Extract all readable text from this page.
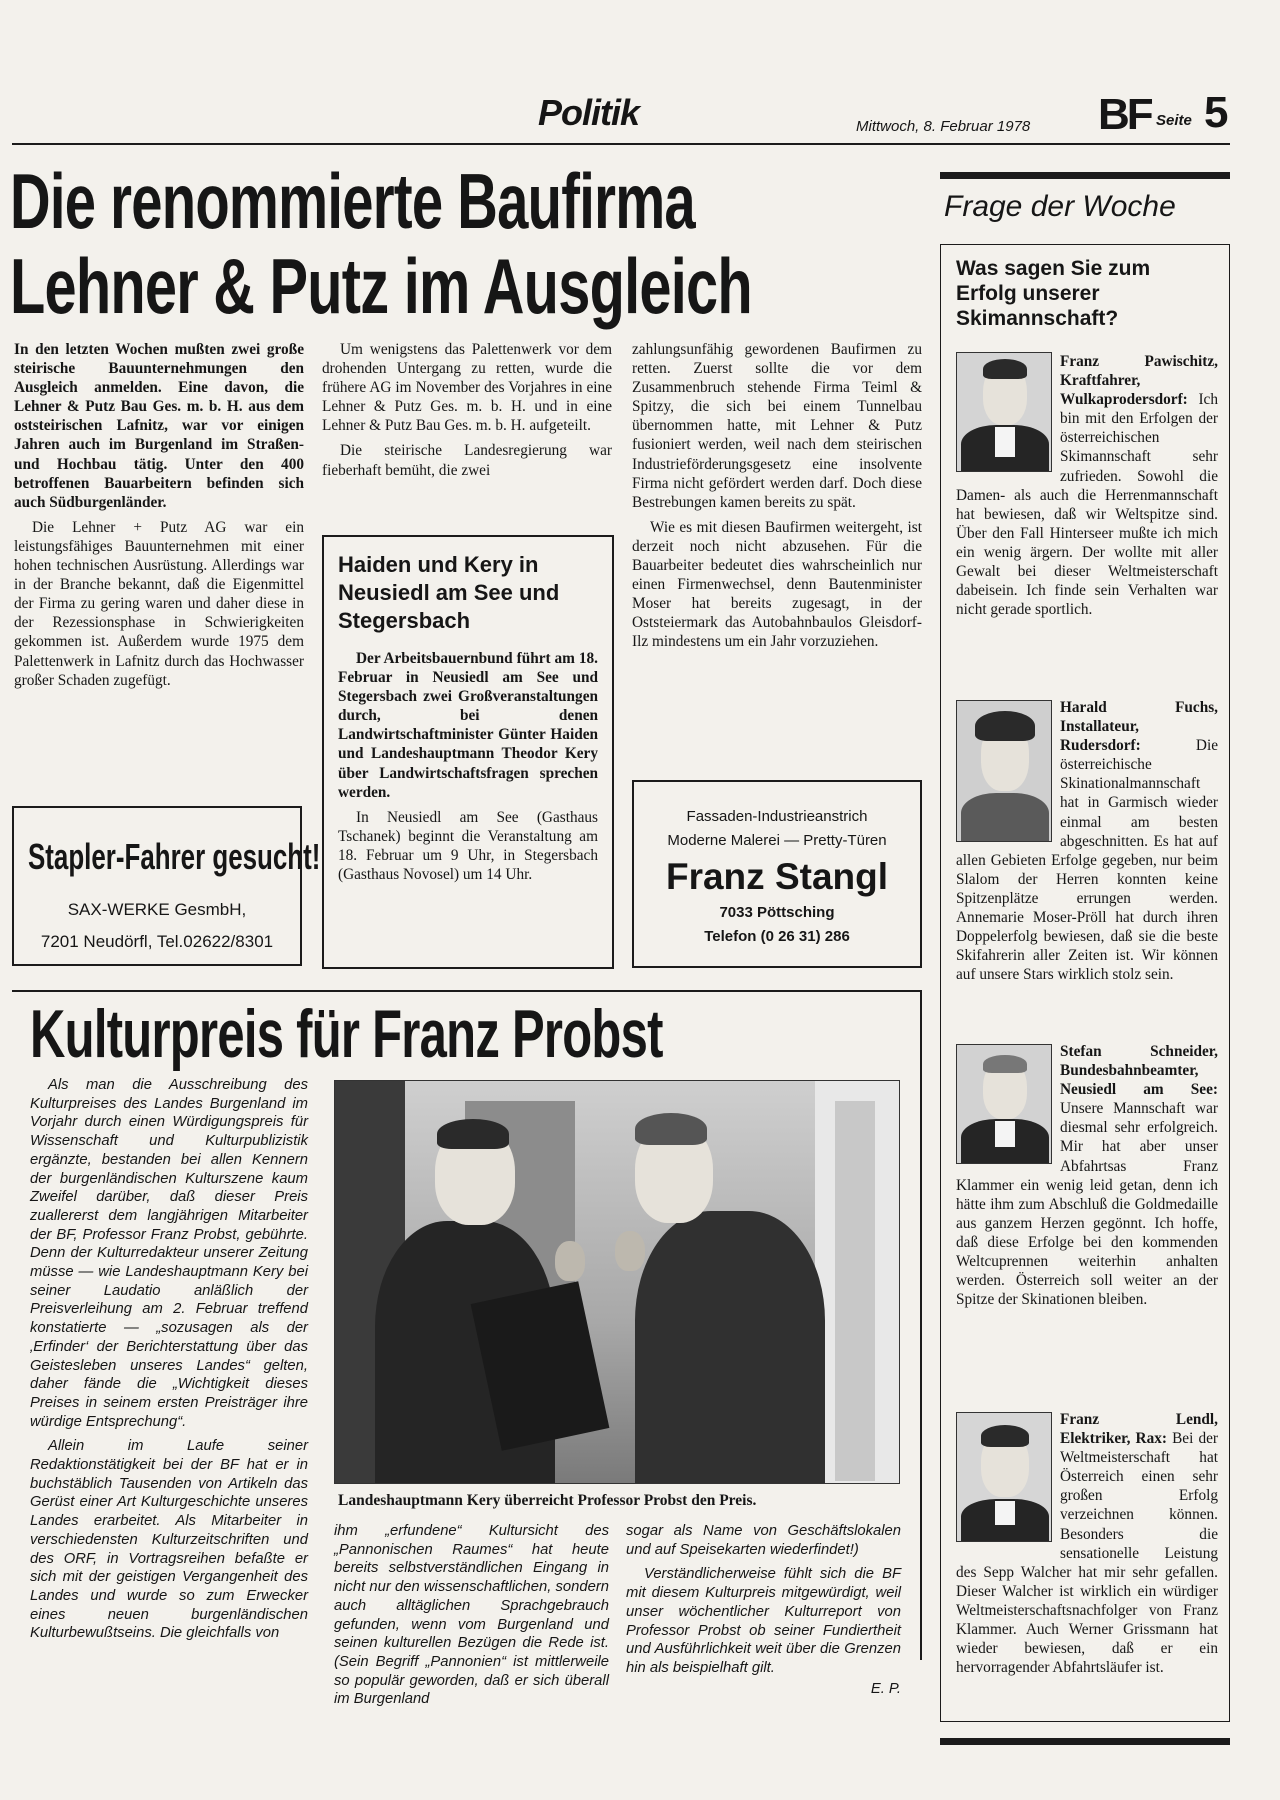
Politik	Mittwoch, 8. Februar 1978 BF Seite 5
Die renommierte Baufirma
Lehner & Putz im Ausgleich

In den letzten Wochen mußten zwei große steirische Bauunternehmungen den Ausgleich anmelden. Eine davon, die Lehner & Putz Bau Ges. m. b. H. aus dem oststeirischen Lafnitz, war vor einigen Jahren auch im Burgenland im Straßen- und Hochbau tätig. Unter den 400 betroffenen Bauarbeitern befinden sich auch Südburgenländer.

Die Lehner + Putz AG war ein leistungsfähiges Bauunternehmen mit einer hohen technischen Ausrüstung. Allerdings war in der Branche bekannt, daß die Eigenmittel der Firma zu gering waren und daher diese in der Rezessionsphase in Schwierigkeiten gekommen ist. Außerdem wurde 1975 dem Palettenwerk in Lafnitz durch das Hochwasser großer Schaden zugefügt.

Um wenigstens das Palettenwerk vor dem drohenden Untergang zu retten, wurde die frühere AG im November des Vorjahres in eine Lehner & Putz Ges. m. b. H. und in eine Lehner & Putz Bau Ges. m. b. H. aufgeteilt.

Die steirische Landesregierung war fieberhaft bemüht, die zwei

zahlungsunfähig gewordenen Baufirmen zu retten. Zuerst sollte die vor dem Zusammenbruch stehende Firma Teiml & Spitzy, die sich bei einem Tunnelbau übernommen hatte, mit Lehner & Putz fusioniert werden, weil nach dem steirischen Industrieförderungsgesetz eine insolvente Firma nicht gefördert werden darf. Doch diese Bestrebungen kamen bereits zu spät.

Wie es mit diesen Baufirmen weitergeht, ist derzeit noch nicht abzusehen. Für die Bauarbeiter bedeutet dies wahrscheinlich nur einen Firmenwechsel, denn Bautenminister Moser hat bereits zugesagt, in der Oststeiermark das Autobahnbaulos Gleisdorf-Ilz mindestens um ein Jahr vorzuziehen.

Haiden und Kery in Neusiedl am See und Stegersbach

Der Arbeitsbauernbund führt am 18. Februar in Neusiedl am See und Stegersbach zwei Großveranstaltungen durch, bei denen Landwirtschaftminister Günter Haiden und Landeshauptmann Theodor Kery über Landwirtschaftsfragen sprechen werden.

In Neusiedl am See (Gasthaus Tschanek) beginnt die Veranstaltung am 18. Februar um 9 Uhr, in Stegersbach (Gasthaus Novosel) um 14 Uhr.

Stapler-Fahrer gesucht!
SAX-WERKE GesmbH,
7201 Neudörfl, Tel.02622/8301
Fassaden-Industrieanstrich
Moderne Malerei — Pretty-Türen
Franz Stangl
7033 Pöttsching
Telefon (0 26 31) 286
Kulturpreis für Franz Probst

Als man die Ausschreibung des Kulturpreises des Landes Burgenland im Vorjahr durch einen Würdigungspreis für Wissenschaft und Kulturpublizistik ergänzte, bestanden bei allen Kennern der burgenländischen Kulturszene kaum Zweifel darüber, daß dieser Preis zuallererst dem langjährigen Mitarbeiter der BF, Professor Franz Probst, gebührte. Denn der Kulturredakteur unserer Zeitung müsse — wie Landeshauptmann Kery bei seiner Laudatio anläßlich der Preisverleihung am 2. Februar treffend konstatierte — „sozusagen als der ‚Erfinder‘ der Berichterstattung über das Geistesleben unseres Landes“ gelten, daher fände die „Wichtigkeit dieses Preises in seinem ersten Preisträger ihre würdige Entsprechung“.

Allein im Laufe seiner Redaktionstätigkeit bei der BF hat er in buchstäblich Tausenden von Artikeln das Gerüst einer Art Kulturgeschichte unseres Landes erarbeitet. Als Mitarbeiter in verschiedensten Kulturzeitschriften und des ORF, in Vortragsreihen befaßte er sich mit der geistigen Vergangenheit des Landes und wurde so zum Erwecker eines neuen burgenländischen Kulturbewußtseins. Die gleichfalls von

Landeshauptmann Kery überreicht Professor Probst den Preis.

ihm „erfundene“ Kultursicht des „Pannonischen Raumes“ hat heute bereits selbstverständlichen Eingang in nicht nur den wissenschaftlichen, sondern auch alltäglichen Sprachgebrauch gefunden, wenn vom Burgenland und seinen kulturellen Bezügen die Rede ist. (Sein Begriff „Pannonien“ ist mittlerweile so populär geworden, daß er sich überall im Burgenland

sogar als Name von Geschäftslokalen und auf Speisekarten wiederfindet!)

Verständlicherweise fühlt sich die BF mit diesem Kulturpreis mitgewürdigt, weil unser wöchentlicher Kulturreport von Professor Probst ob seiner Fundiertheit und Ausführlichkeit weit über die Grenzen hin als beispielhaft gilt.

E. P.
Frage der Woche
Was sagen Sie zum Erfolg unserer Skimannschaft?
Franz Pawischitz, Kraftfahrer, Wulkaprodersdorf: Ich bin mit den Erfolgen der österreichischen Skimannschaft sehr zufrieden. Sowohl die Damen- als auch die Herrenmannschaft hat bewiesen, daß wir Weltspitze sind. Über den Fall Hinterseer mußte ich mich ein wenig ärgern. Der wollte mit aller Gewalt bei dieser Weltmeisterschaft dabeisein. Ich finde sein Verhalten war nicht gerade sportlich.
Harald Fuchs, Installateur, Rudersdorf:	Die österreichische Skinationalmannschaft hat in Garmisch wieder einmal am besten abgeschnitten. Es hat auf allen Gebieten Erfolge gegeben, nur beim Slalom der Herren konnten keine Spitzenplätze errungen werden. Annemarie Moser-Pröll hat durch ihren Doppelerfolg bewiesen, daß sie die beste Skifahrerin aller Zeiten ist. Wir können auf unsere Stars wirklich stolz sein.
Stefan Schneider, Bundesbahnbeamter, Neusiedl am See: Unsere Mannschaft war diesmal sehr erfolgreich. Mir hat aber unser Abfahrtsas Franz Klammer ein wenig leid getan, denn ich hätte ihm zum Abschluß die Goldmedaille aus ganzem Herzen gegönnt. Ich hoffe, daß diese Erfolge bei den kommenden Weltcuprennen weiterhin anhalten werden. Österreich soll weiter an der Spitze der Skinationen bleiben.
Franz Lendl, Elektriker, Rax: Bei der Weltmeisterschaft hat Österreich einen sehr großen Erfolg verzeichnen können. Besonders die sensationelle Leistung des Sepp Walcher hat mir sehr gefallen. Dieser Walcher ist wirklich ein würdiger Weltmeisterschaftsnachfolger von Franz Klammer. Auch Werner Grissmann hat wieder bewiesen, daß er ein hervorragender Abfahrtsläufer ist.
